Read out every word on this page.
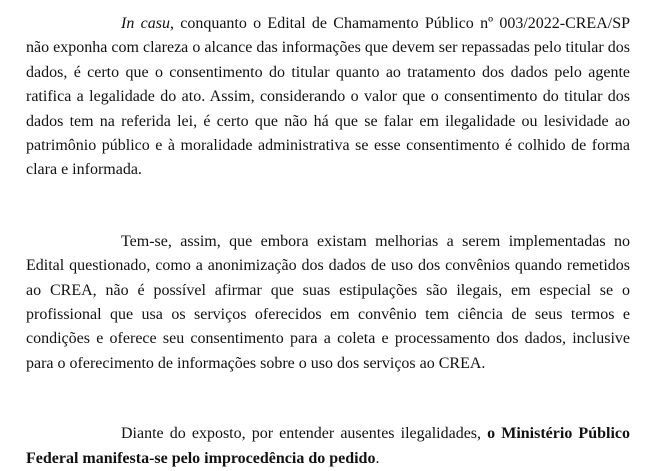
In casu, conquanto o Edital de Chamamento Público nº 003/2022-CREA/SP não exponha com clareza o alcance das informações que devem ser repassadas pelo titular dos dados, é certo que o consentimento do titular quanto ao tratamento dos dados pelo agente ratifica a legalidade do ato. Assim, considerando o valor que o consentimento do titular dos dados tem na referida lei, é certo que não há que se falar em ilegalidade ou lesividade ao patrimônio público e à moralidade administrativa se esse consentimento é colhido de forma clara e informada.

Tem-se, assim, que embora existam melhorias a serem implementadas no Edital questionado, como a anonimização dos dados de uso dos convênios quando remetidos ao CREA, não é possível afirmar que suas estipulações são ilegais, em especial se o profissional que usa os serviços oferecidos em convênio tem ciência de seus termos e condições e oferece seu consentimento para a coleta e processamento dos dados, inclusive para o oferecimento de informações sobre o uso dos serviços ao CREA.

Diante do exposto, por entender ausentes ilegalidades, o Ministério Público Federal manifesta-se pelo improcedência do pedido.
